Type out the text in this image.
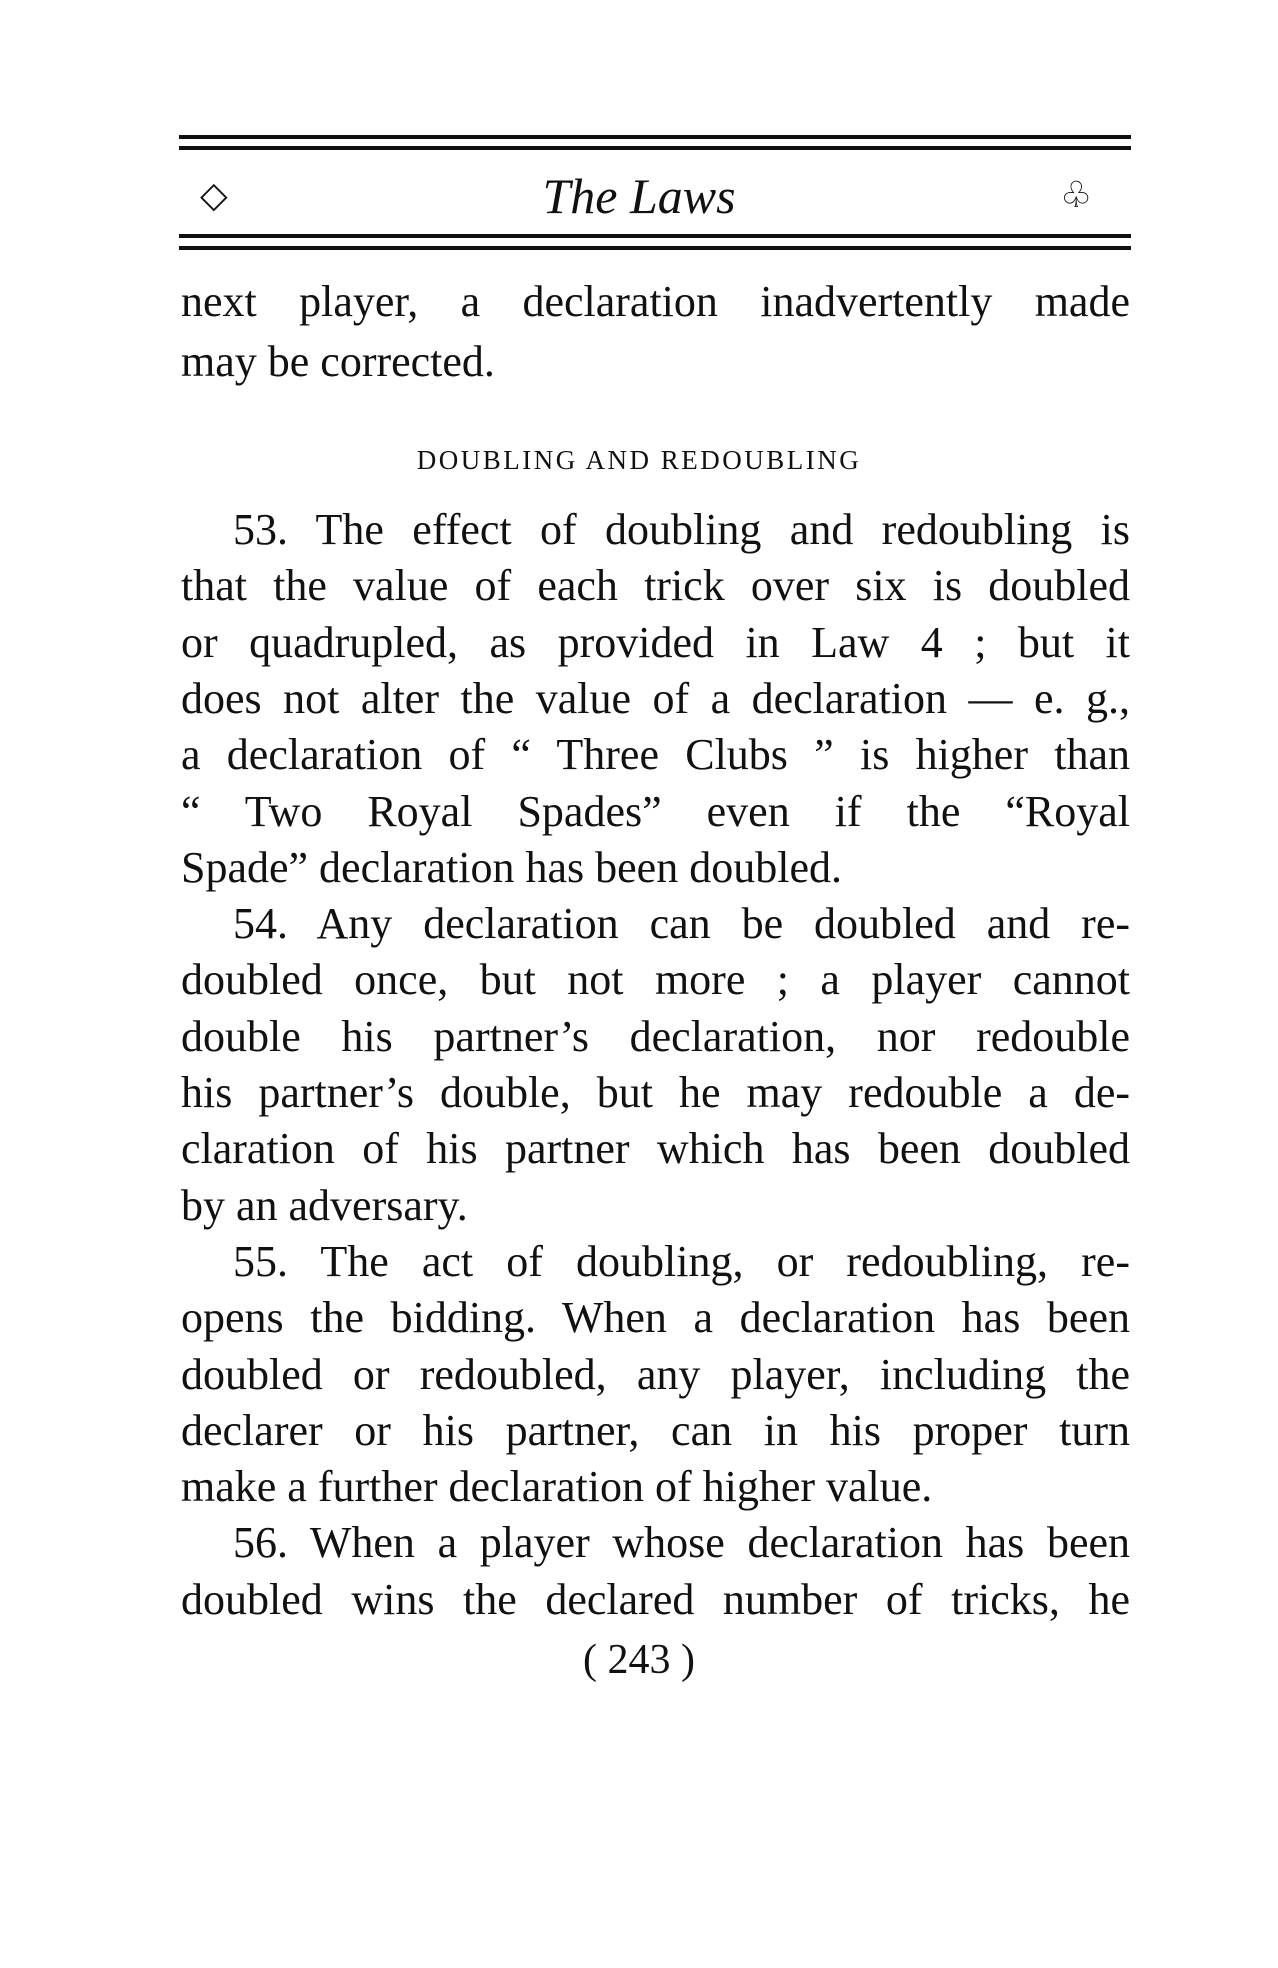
The Laws
◇	♧
next player, a declaration inadvertently made
may be corrected.
DOUBLING AND REDOUBLING
53. The effect of doubling and redoubling is
that the value of each trick over six is doubled
or quadrupled, as provided in Law 4 ; but it
does not alter the value of a declaration — e. g.,
a declaration of “ Three Clubs ” is higher than
“ Two Royal Spades” even if the “Royal
Spade” declaration has been doubled.
54. Any declaration can be doubled and re-
doubled once, but not more ; a player cannot
double his partner’s declaration, nor redouble
his partner’s double, but he may redouble a de-
claration of his partner which has been doubled
by an adversary.
55. The act of doubling, or redoubling, re-
opens the bidding. When a declaration has been
doubled or redoubled, any player, including the
declarer or his partner, can in his proper turn
make a further declaration of higher value.
56. When a player whose declaration has been
doubled wins the declared number of tricks, he
( 243 )
